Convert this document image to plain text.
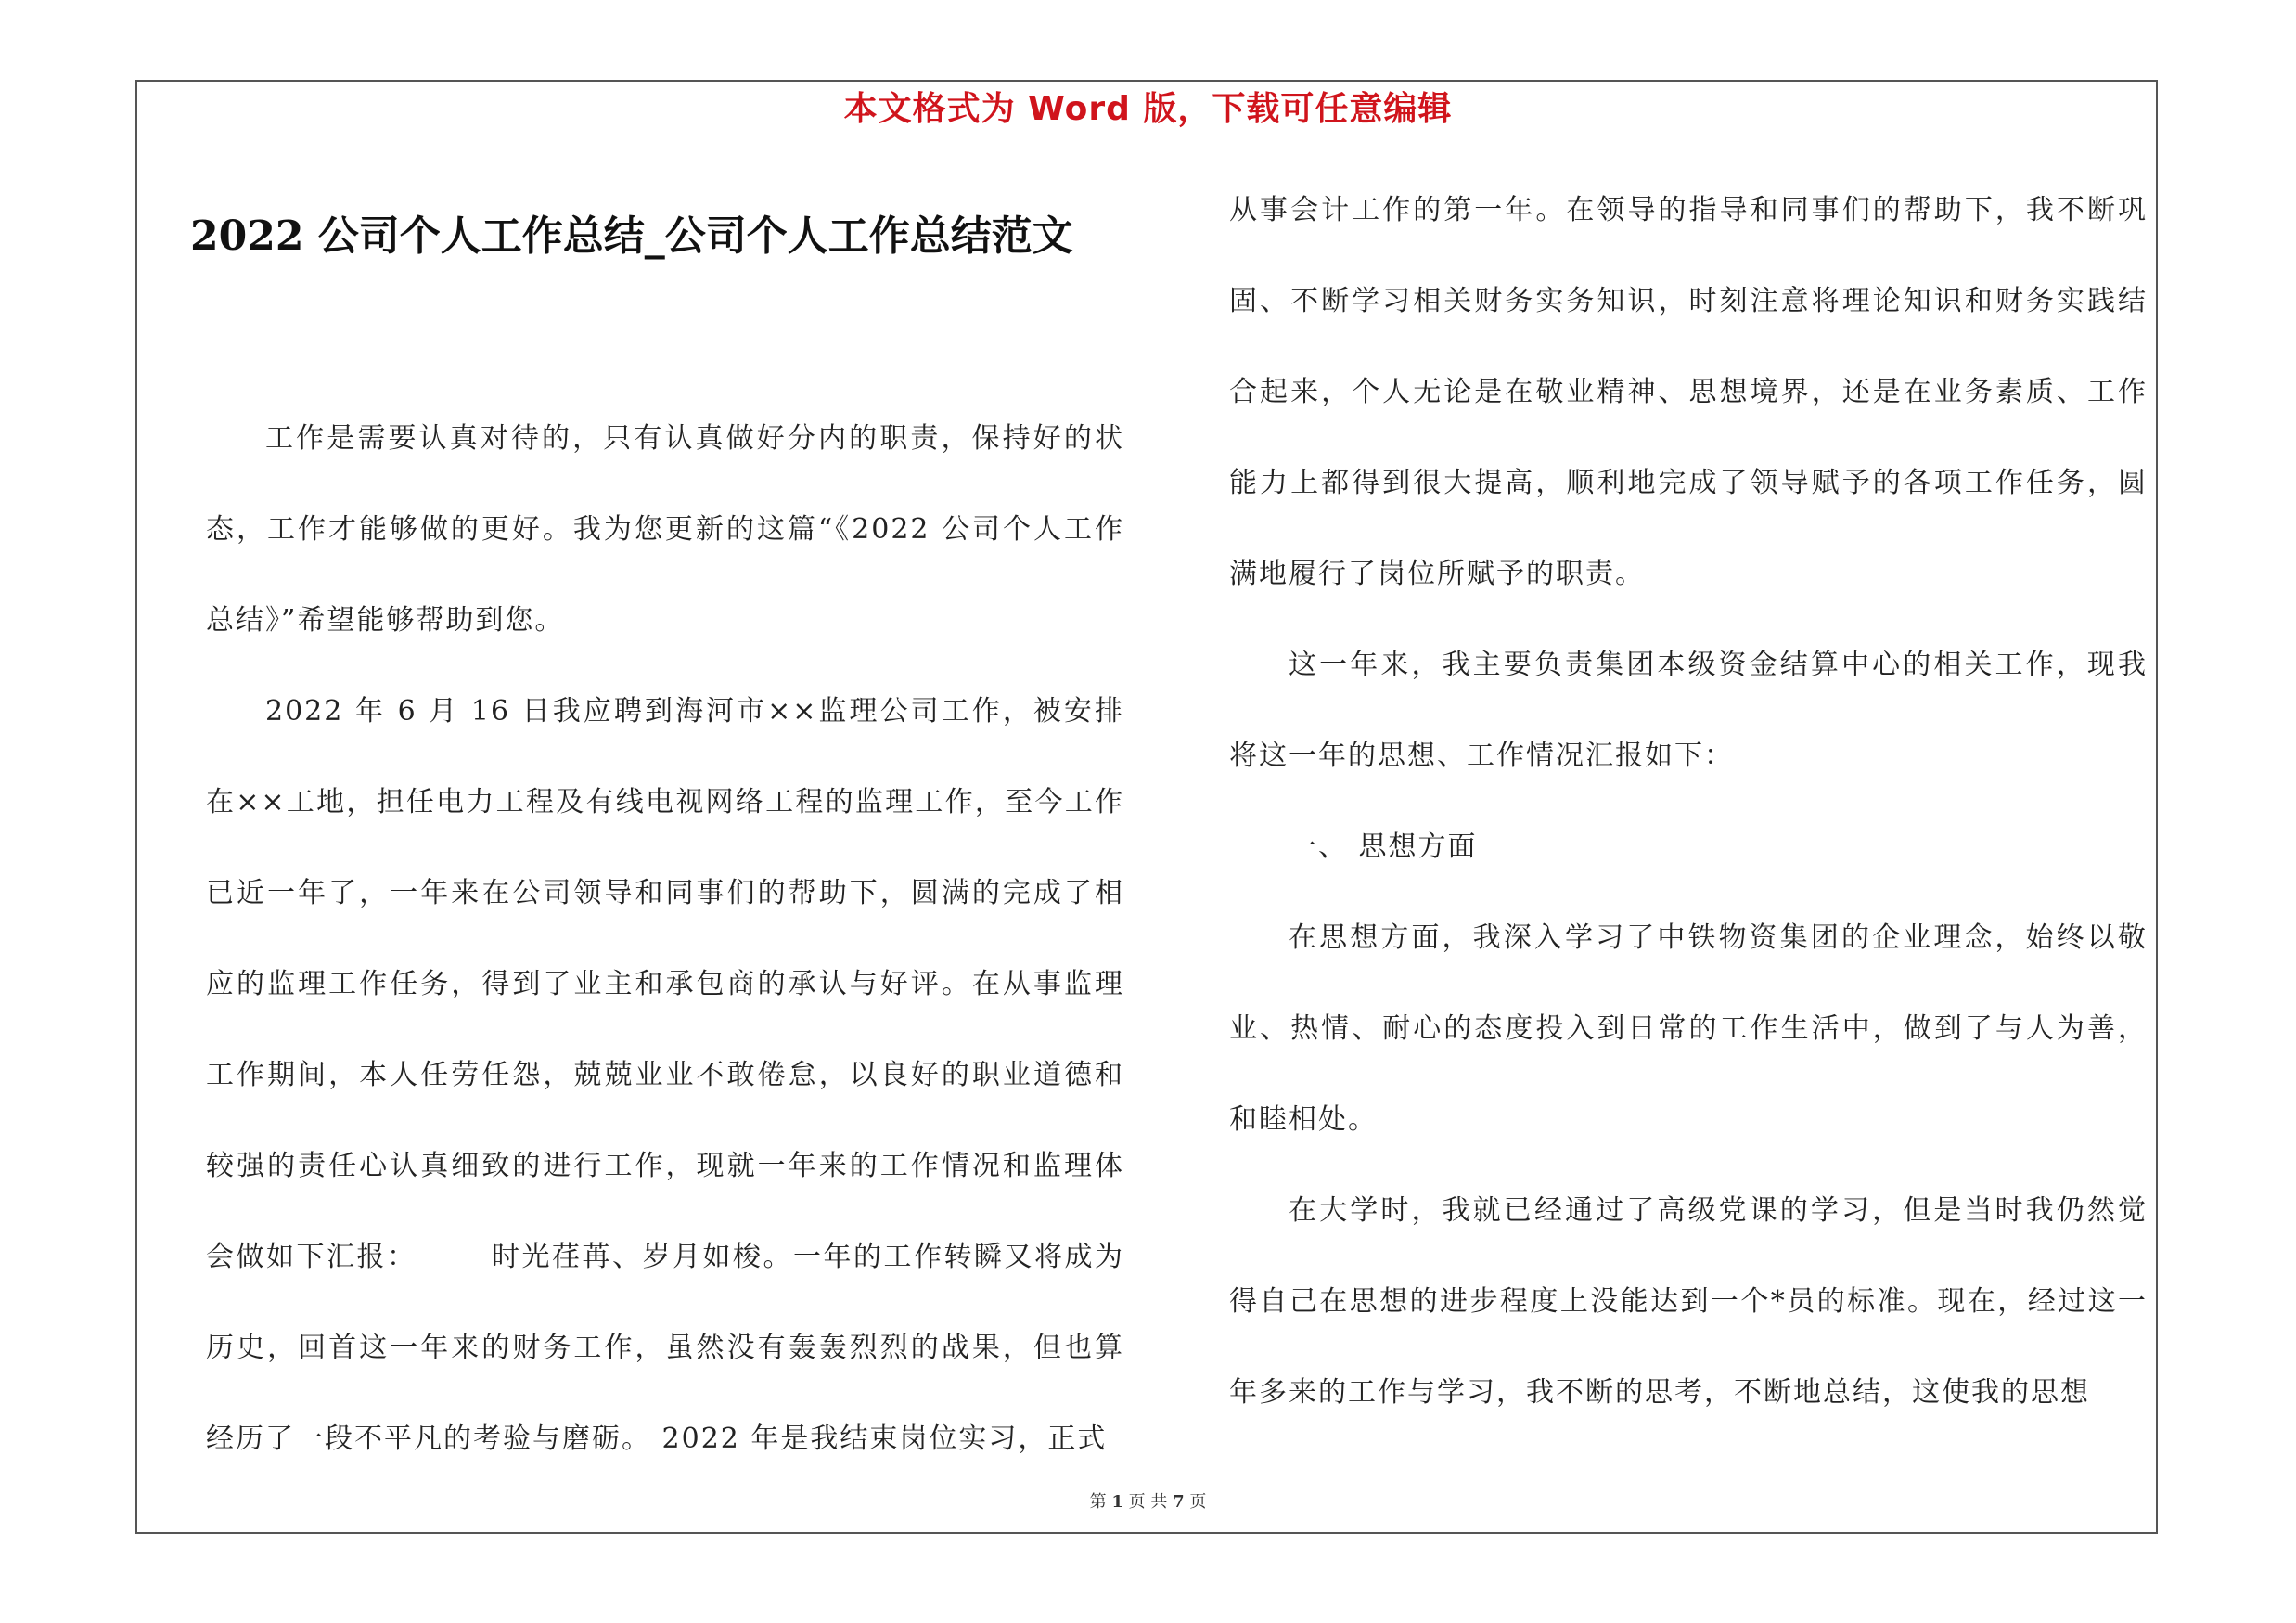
本文格式为 Word 版，下载可任意编辑
2022 公司个人工作总结_公司个人工作总结范文

工作是需要认真对待的，只有认真做好分内的职责，保持好的状态，工作才能够做的更好。我为您更新的这篇“《2022 公司个人工作总结》”希望能够帮助到您。

2022 年 6 月 16 日我应聘到海河市××监理公司工作，被安排在××工地，担任电力工程及有线电视网络工程的监理工作，至今工作已近一年了，一年来在公司领导和同事们的帮助下，圆满的完成了相应的监理工作任务，得到了业主和承包商的承认与好评。在从事监理工作期间，本人任劳任怨，兢兢业业不敢倦怠，以良好的职业道德和较强的责任心认真细致的进行工作，现就一年来的工作情况和监理体会做如下汇报：	时光荏苒、岁月如梭。一年的工作转瞬又将成为历史，回首这一年来的财务工作，虽然没有轰轰烈烈的战果，但也算经历了一段不平凡的考验与磨砺。 2022 年是我结束岗位实习，正式

从事会计工作的第一年。在领导的指导和同事们的帮助下，我不断巩固、不断学习相关财务实务知识，时刻注意将理论知识和财务实践结合起来，个人无论是在敬业精神、思想境界，还是在业务素质、工作能力上都得到很大提高，顺利地完成了领导赋予的各项工作任务，圆满地履行了岗位所赋予的职责。

这一年来，我主要负责集团本级资金结算中心的相关工作，现我将这一年的思想、工作情况汇报如下：

一、 思想方面

在思想方面，我深入学习了中铁物资集团的企业理念，始终以敬业、热情、耐心的态度投入到日常的工作生活中，做到了与人为善，和睦相处。

在大学时，我就已经通过了高级党课的学习，但是当时我仍然觉得自己在思想的进步程度上没能达到一个*员的标准。现在，经过这一年多来的工作与学习，我不断的思考，不断地总结，这使我的思想

第 1 页 共 7 页
